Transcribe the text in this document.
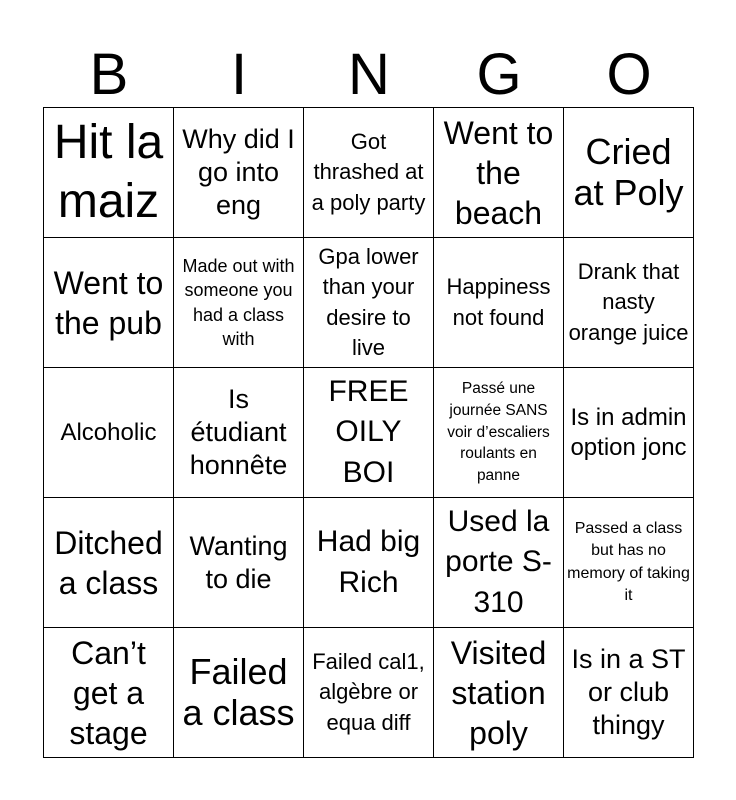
B	I	N	G	O
Hit la maiz
Why did I go into eng
Got thrashed at a poly party
Went to the beach
Cried at Poly
Went to the pub
Made out with someone you had a class with
Gpa lower than your desire to live
Happiness not found
Drank that nasty orange juice
Alcoholic
Is étudiant honnête
FREE OILY BOI
Passé une journée SANS voir d’escaliers roulants en panne
Is in admin option jonc
Ditched a class
Wanting to die
Had big Rich
Used la porte S-310
Passed a class but has no memory of taking it
Can’t get a stage
Failed a class
Failed cal1, algèbre or equa diff
Visited station poly
Is in a ST or club thingy
